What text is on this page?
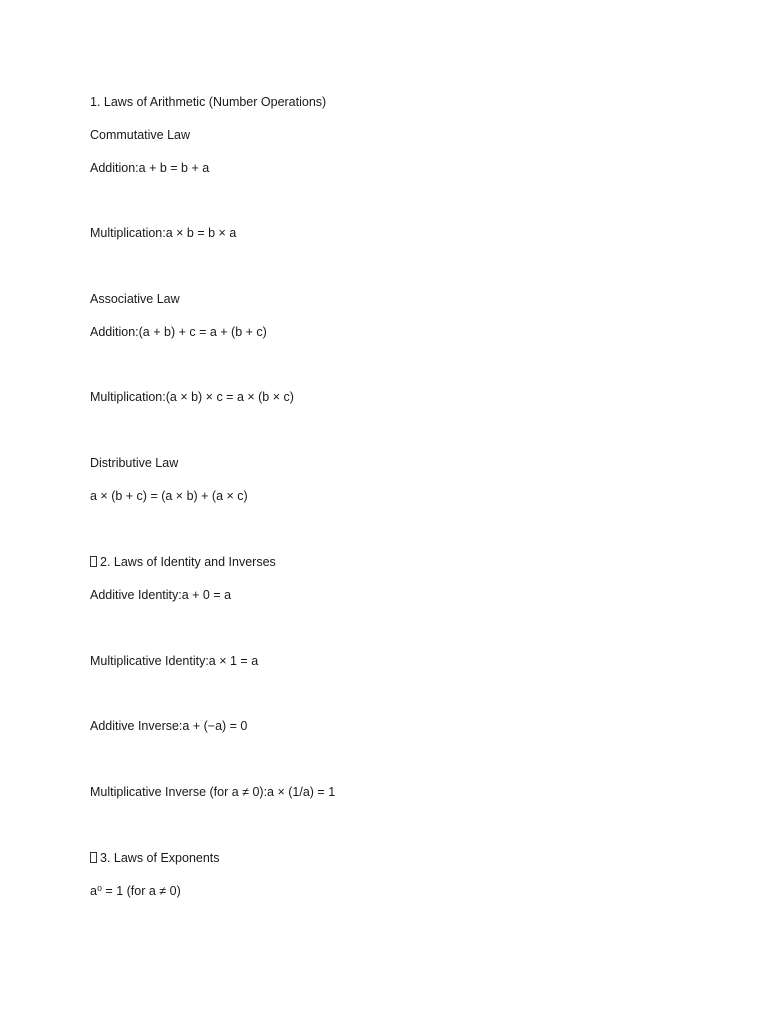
1. Laws of Arithmetic (Number Operations)
Commutative Law
Addition:a + b = b + a
Multiplication:a × b = b × a
Associative Law
Addition:(a + b) + c = a + (b + c)
Multiplication:(a × b) × c = a × (b × c)
Distributive Law
a × (b + c) = (a × b) + (a × c)
2. Laws of Identity and Inverses
Additive Identity:a + 0 = a
Multiplicative Identity:a × 1 = a
Additive Inverse:a + (−a) = 0
Multiplicative Inverse (for a ≠ 0):a × (1/a) = 1
3. Laws of Exponents
a⁰ = 1 (for a ≠ 0)
